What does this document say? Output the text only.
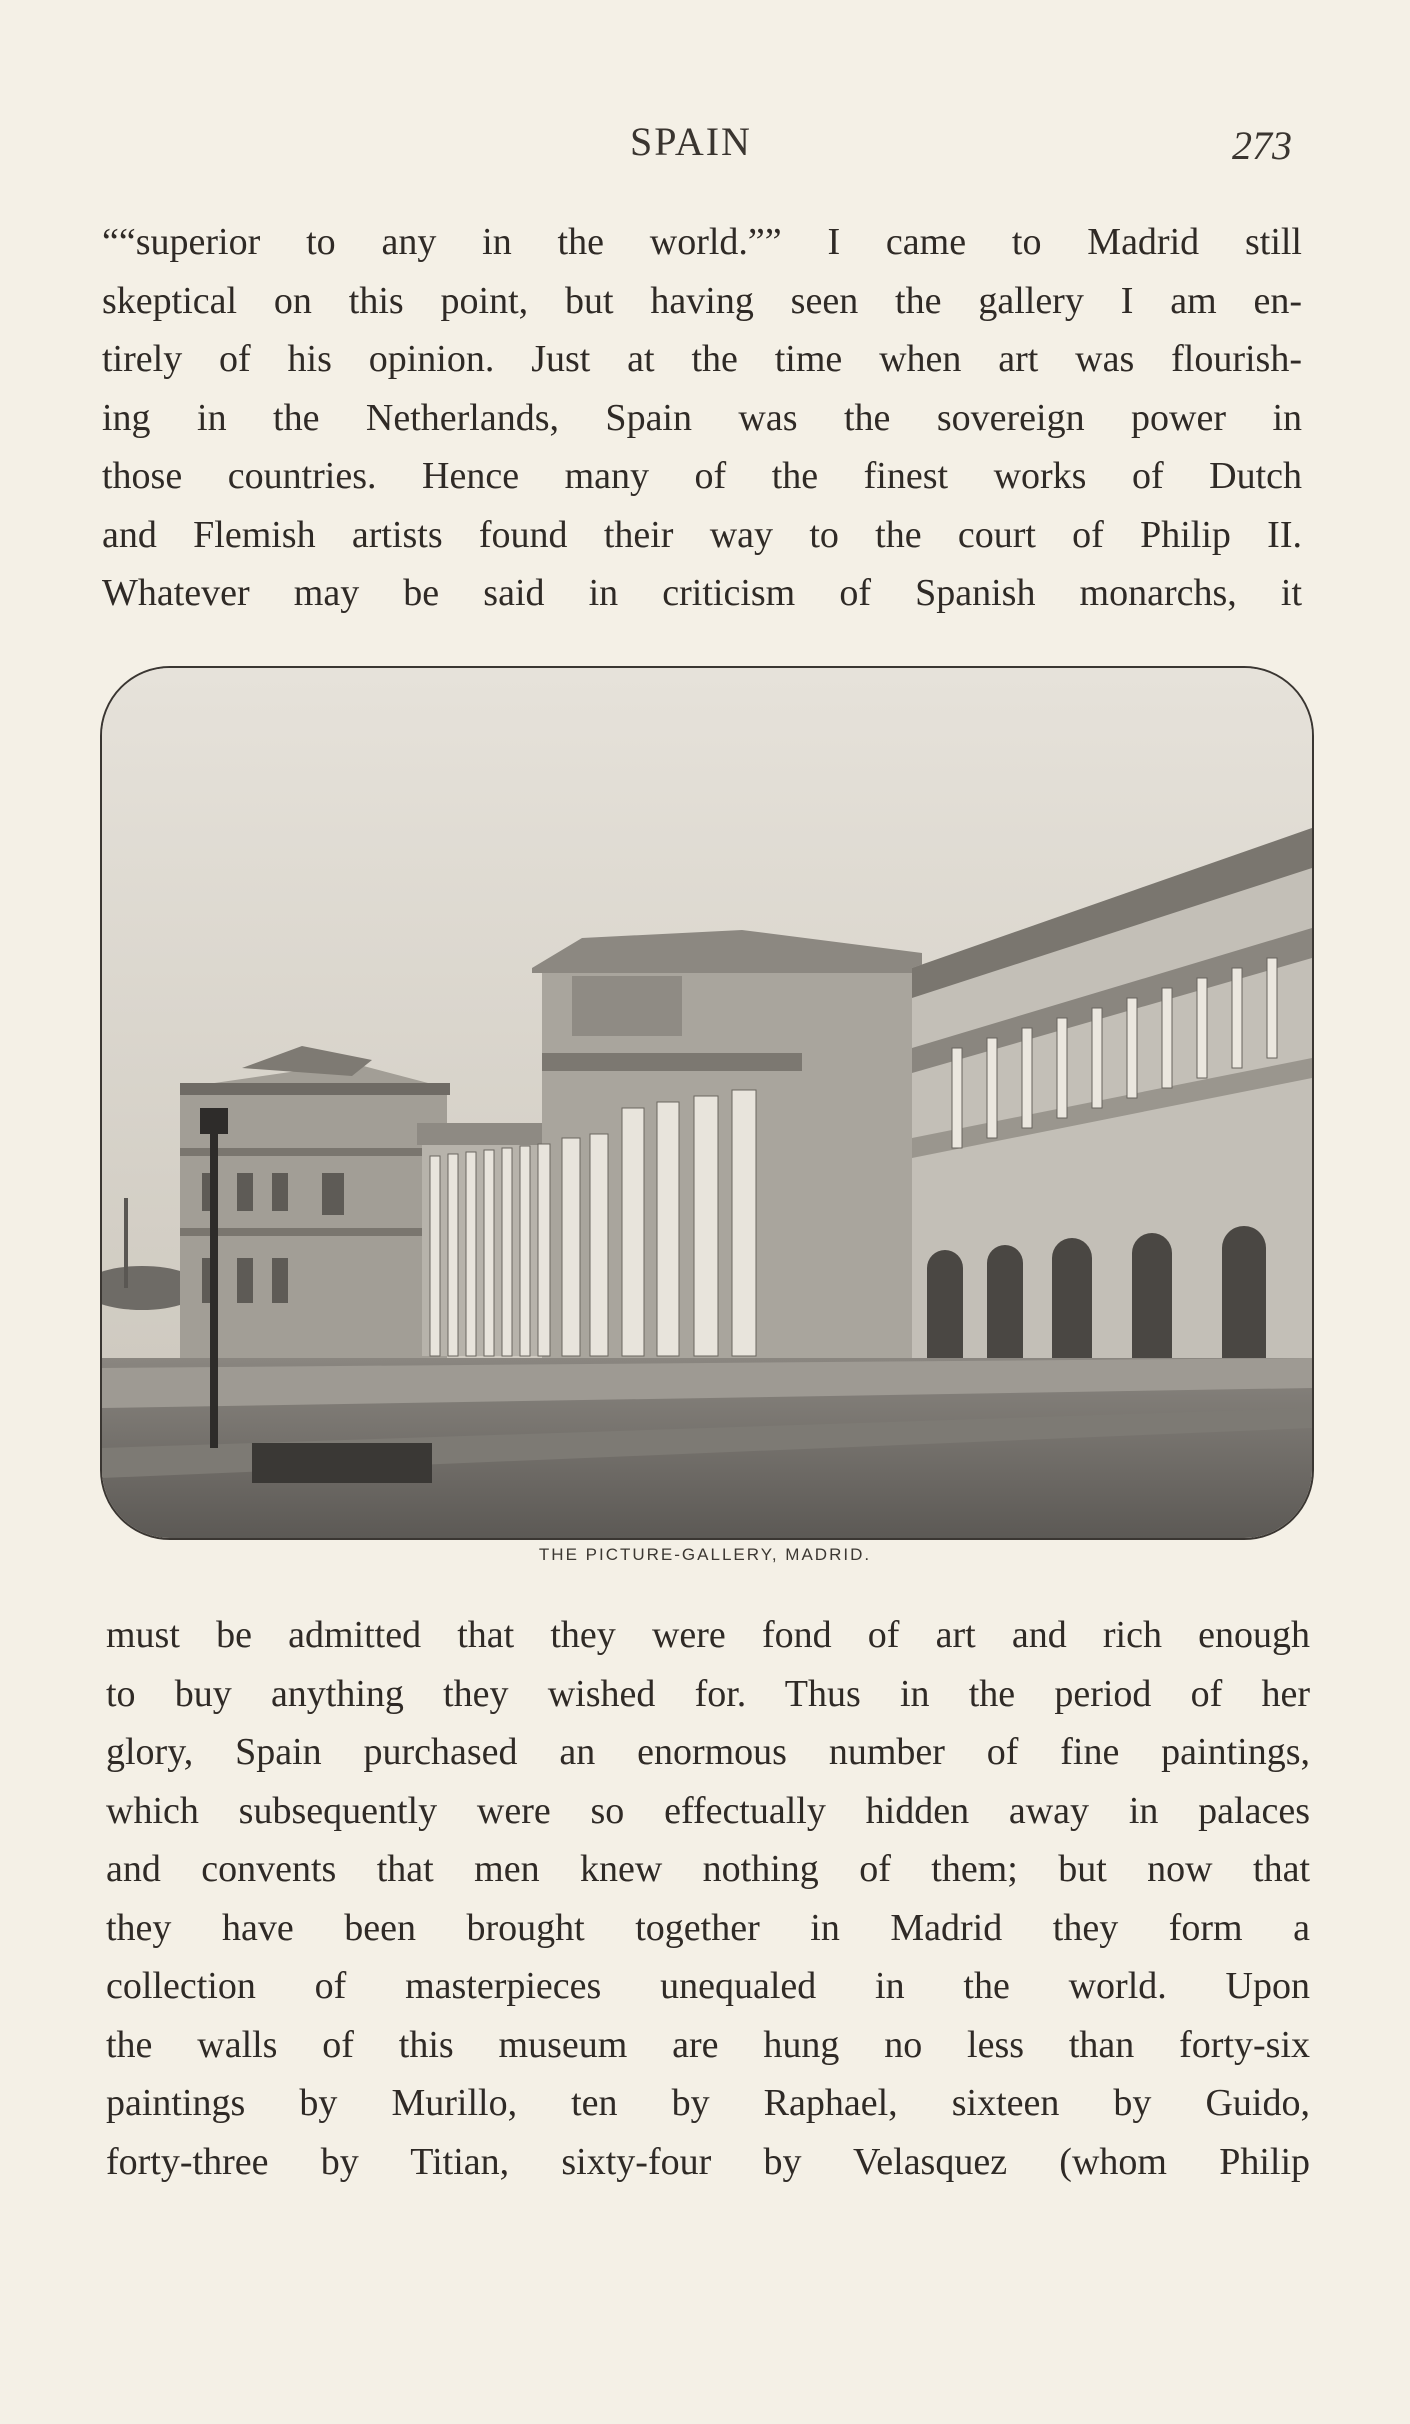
SPAIN	273
““superior to any in the world.”” I came to Madrid still
skeptical on this point, but having seen the gallery I am en-
tirely of his opinion. Just at the time when art was flourish-
ing in the Netherlands, Spain was the sovereign power in
those countries. Hence many of the finest works of Dutch
and Flemish artists found their way to the court of Philip II.
Whatever may be said in criticism of Spanish monarchs, it
THE PICTURE-GALLERY, MADRID.
must be admitted that they were fond of art and rich enough
to buy anything they wished for. Thus in the period of her
glory, Spain purchased an enormous number of fine paintings,
which subsequently were so effectually hidden away in palaces
and convents that men knew nothing of them; but now that
they have been brought together in Madrid they form a
collection of masterpieces unequaled in the world. Upon
the walls of this museum are hung no less than forty-six
paintings by Murillo, ten by Raphael, sixteen by Guido,
forty-three by Titian, sixty-four by Velasquez (whom Philip
